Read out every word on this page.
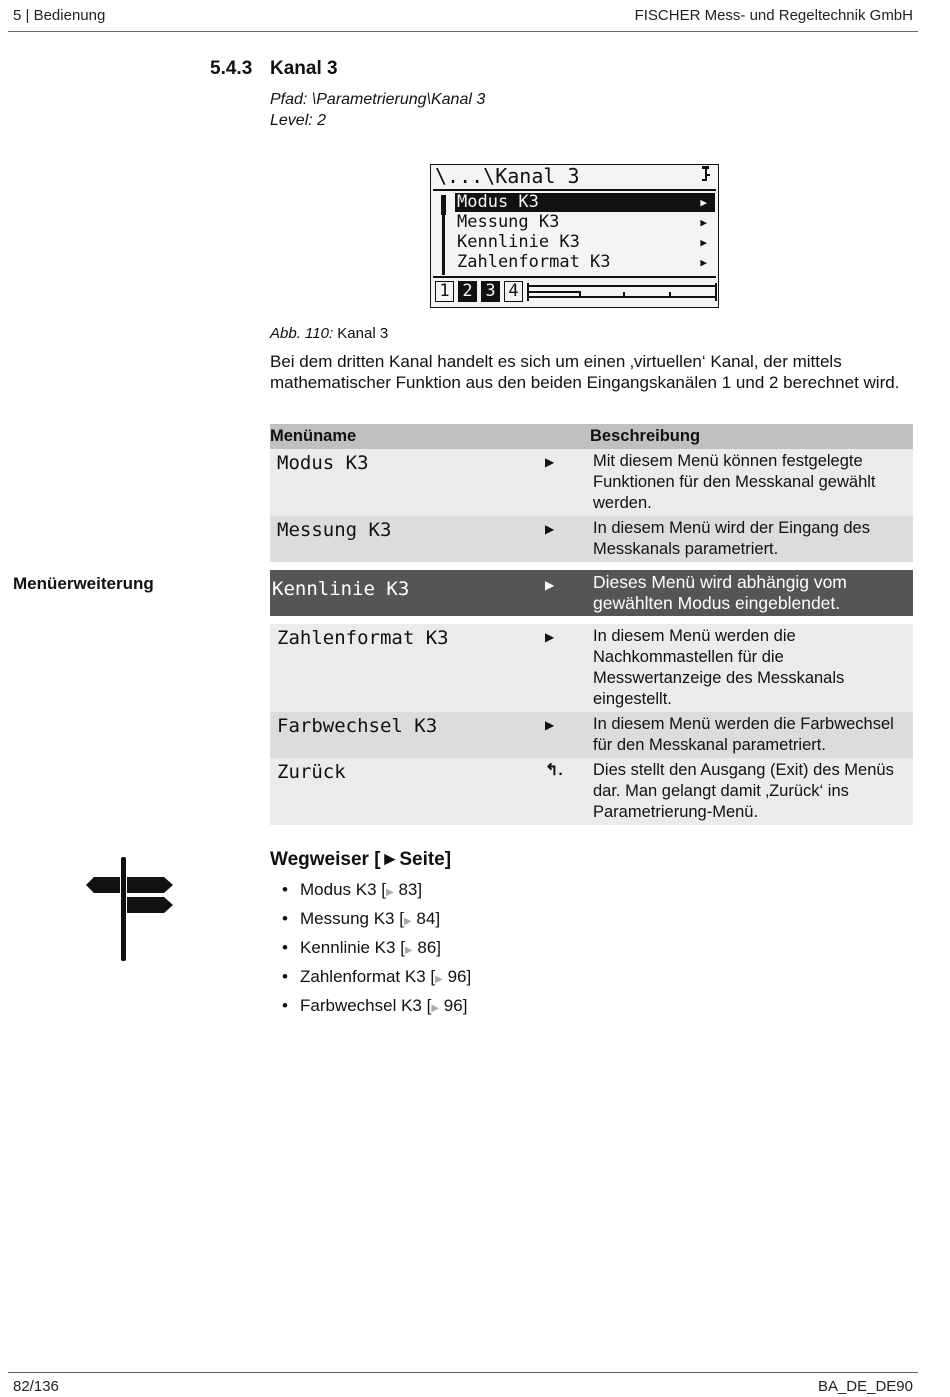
5 | Bedienung	FISCHER Mess- und Regeltechnik GmbH
5.4.3 Kanal 3
Pfad: \Parametrierung\Kanal 3
Level: 2
\...\Kanal 3
Modus K3	▶
Messung K3	▶
Kennlinie K3	▶
Zahlenformat K3	▶
1 2 3 4
Abb. 110: Kanal 3
Bei dem dritten Kanal handelt es sich um einen ‚virtuellen‘ Kanal, der mittels mathematischer Funktion aus den beiden Eingangskanälen 1 und 2 berechnet wird.
Menüname		Beschreibung
Modus K3	▶	Mit diesem Menü können festgelegte Funktionen für den Messkanal gewählt werden.
Messung K3	▶	In diesem Menü wird der Eingang des Messkanals parametriert.

Kennlinie K3	▶	Dieses Menü wird abhängig vom gewählten Modus eingeblendet.

Zahlenformat K3	▶	In diesem Menü werden die Nachkommastellen für die Messwertanzeige des Messkanals eingestellt.
Farbwechsel K3	▶	In diesem Menü werden die Farbwechsel für den Messkanal parametriert.
Zurück	↰.	Dies stellt den Ausgang (Exit) des Menüs dar. Man gelangt damit ‚Zurück‘ ins Parametrierung-Menü.
Menüerweiterung
Wegweiser [►Seite]
• Modus K3 [▶ 83]
• Messung K3 [▶ 84]
• Kennlinie K3 [▶ 86]
• Zahlenformat K3 [▶ 96]
• Farbwechsel K3 [▶ 96]
82/136	BA_DE_DE90
